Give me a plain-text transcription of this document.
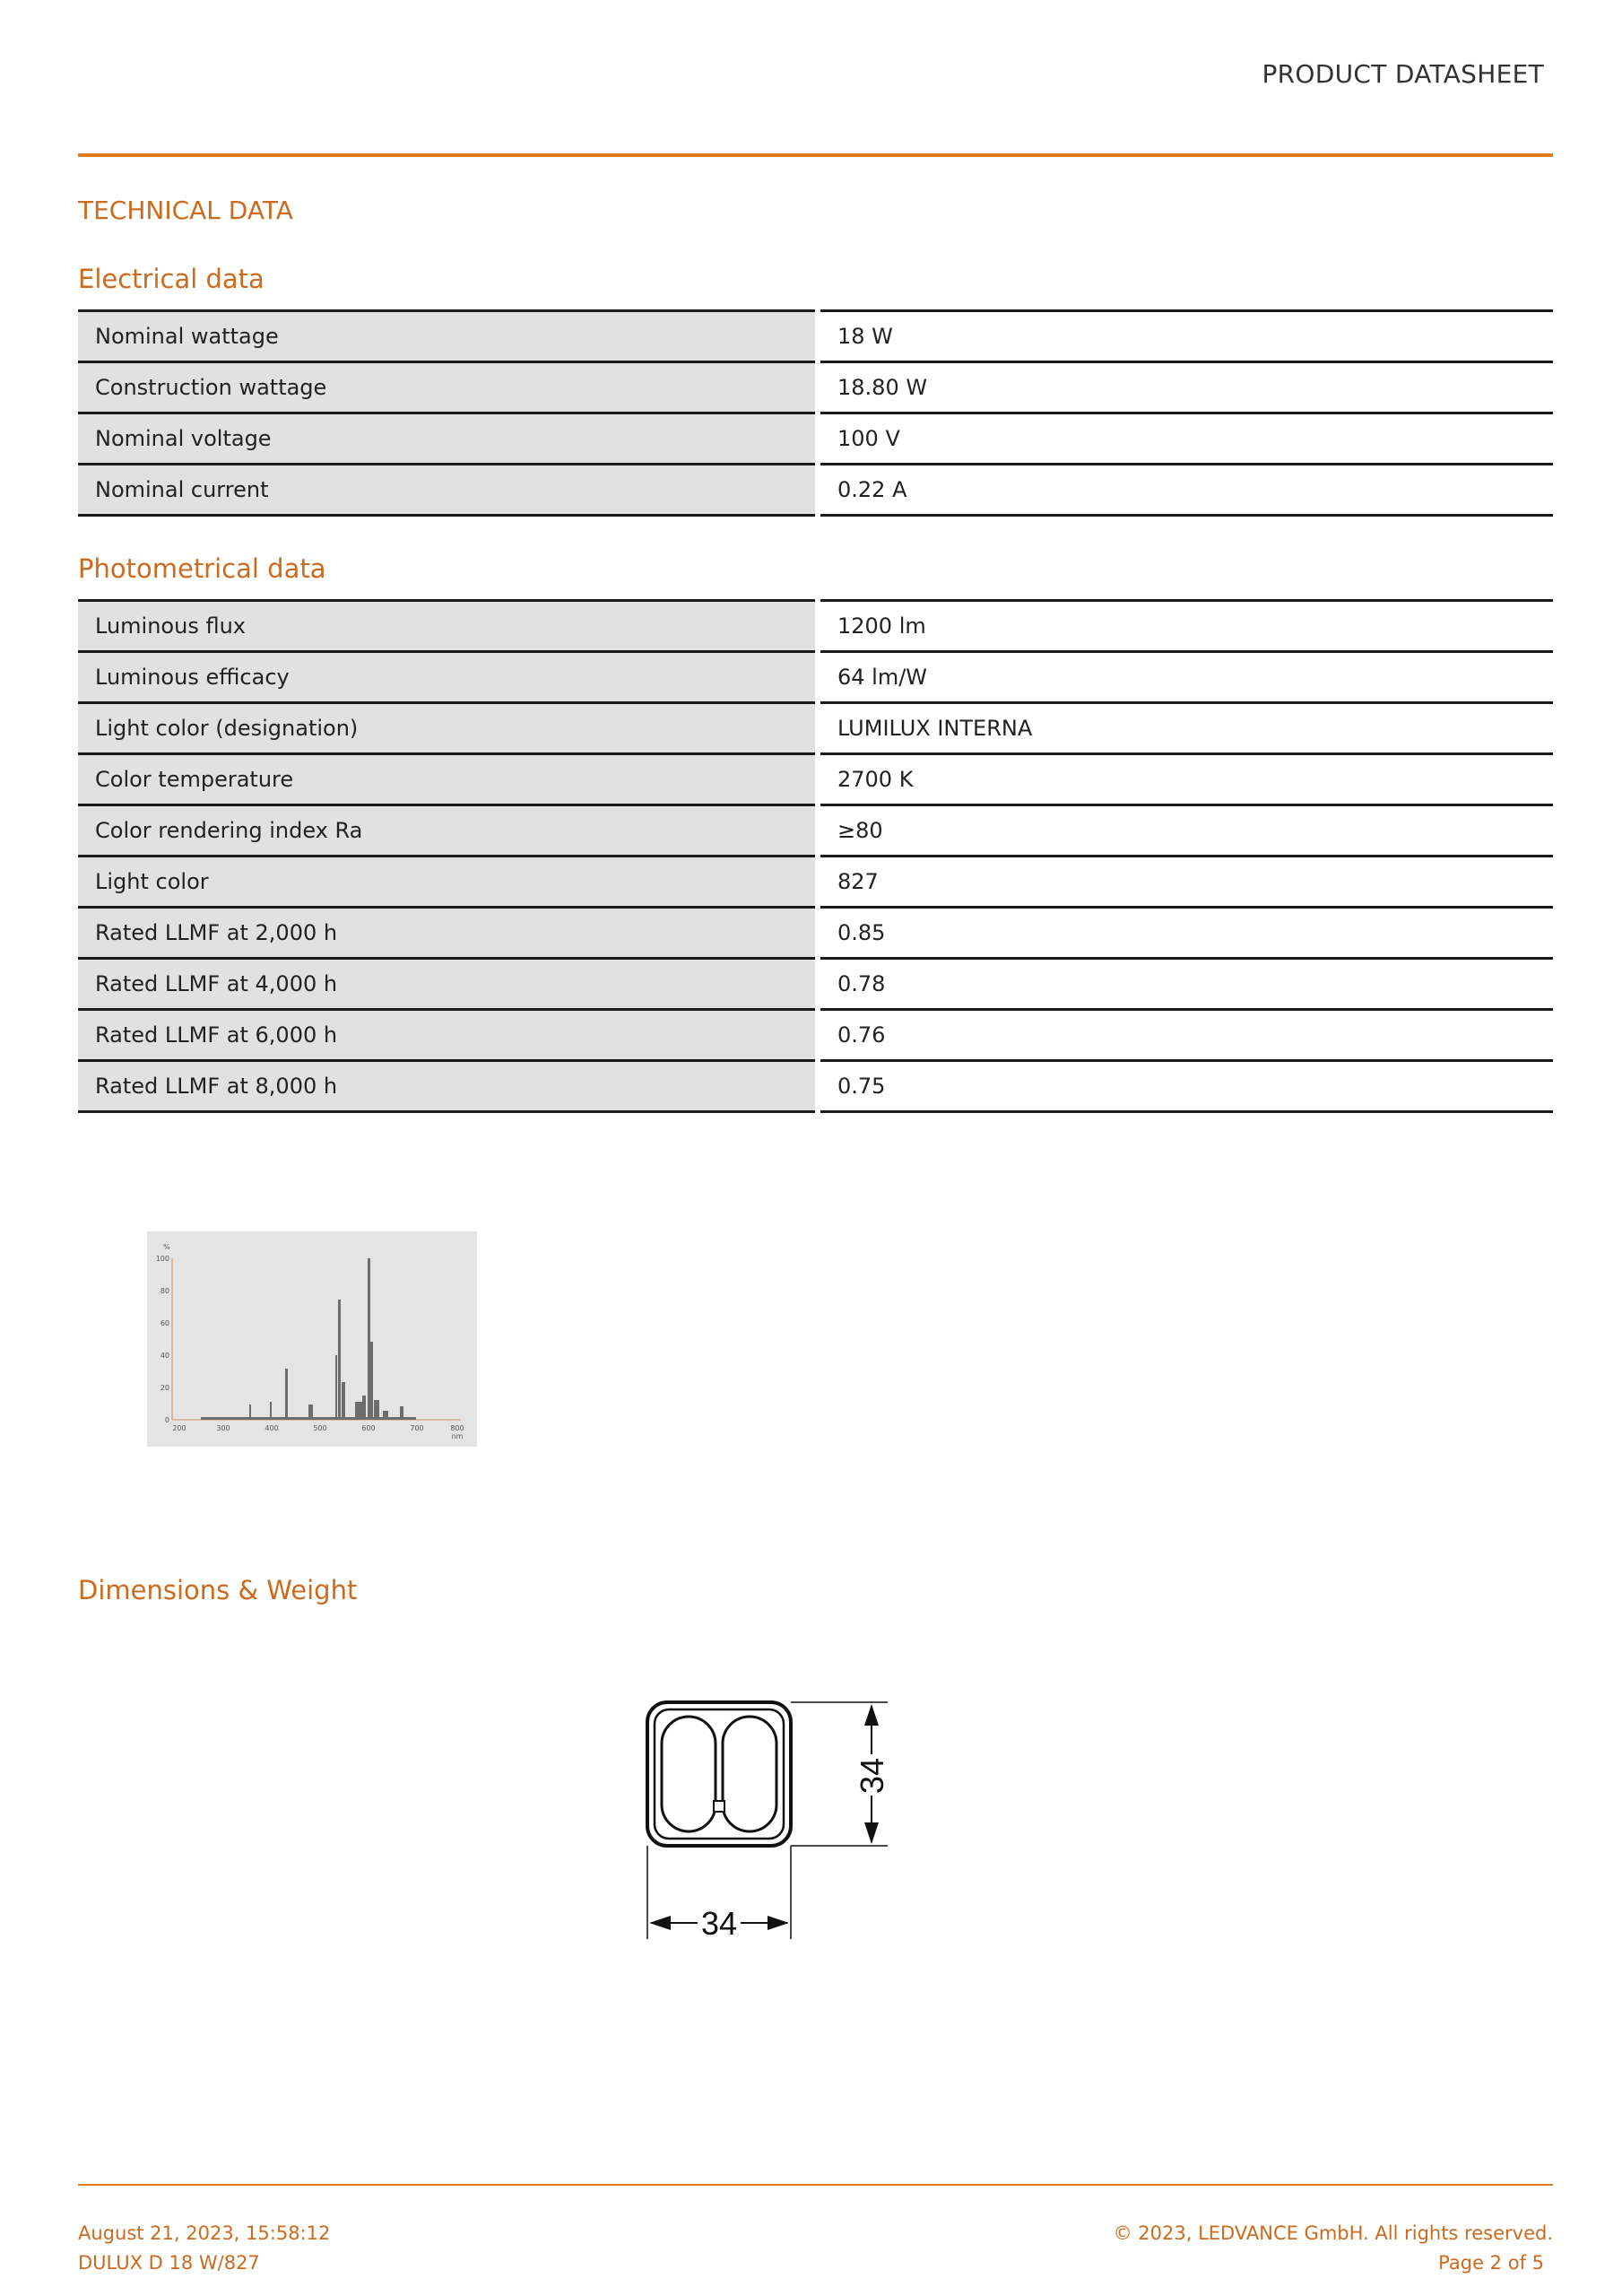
PRODUCT DATASHEET
TECHNICAL DATA
Electrical data
Nominal wattage	18 W
Construction wattage	18.80 W
Nominal voltage	100 V
Nominal current	0.22 A
Photometrical data
Luminous flux	1200 lm
Luminous efficacy	64 lm/W
Light color (designation)	LUMILUX INTERNA
Color temperature	2700 K
Color rendering index Ra	≥80
Light color	827
Rated LLMF at 2,000 h	0.85
Rated LLMF at 4,000 h	0.78
Rated LLMF at 6,000 h	0.76
Rated LLMF at 8,000 h	0.75
%
100
80
60
40
20
0
200	300	400	500	600	700	800
nm
Dimensions & Weight
34
34
August 21, 2023, 15:58:12
DULUX D 18 W/827
© 2023, LEDVANCE GmbH. All rights reserved.
Page 2 of 5
